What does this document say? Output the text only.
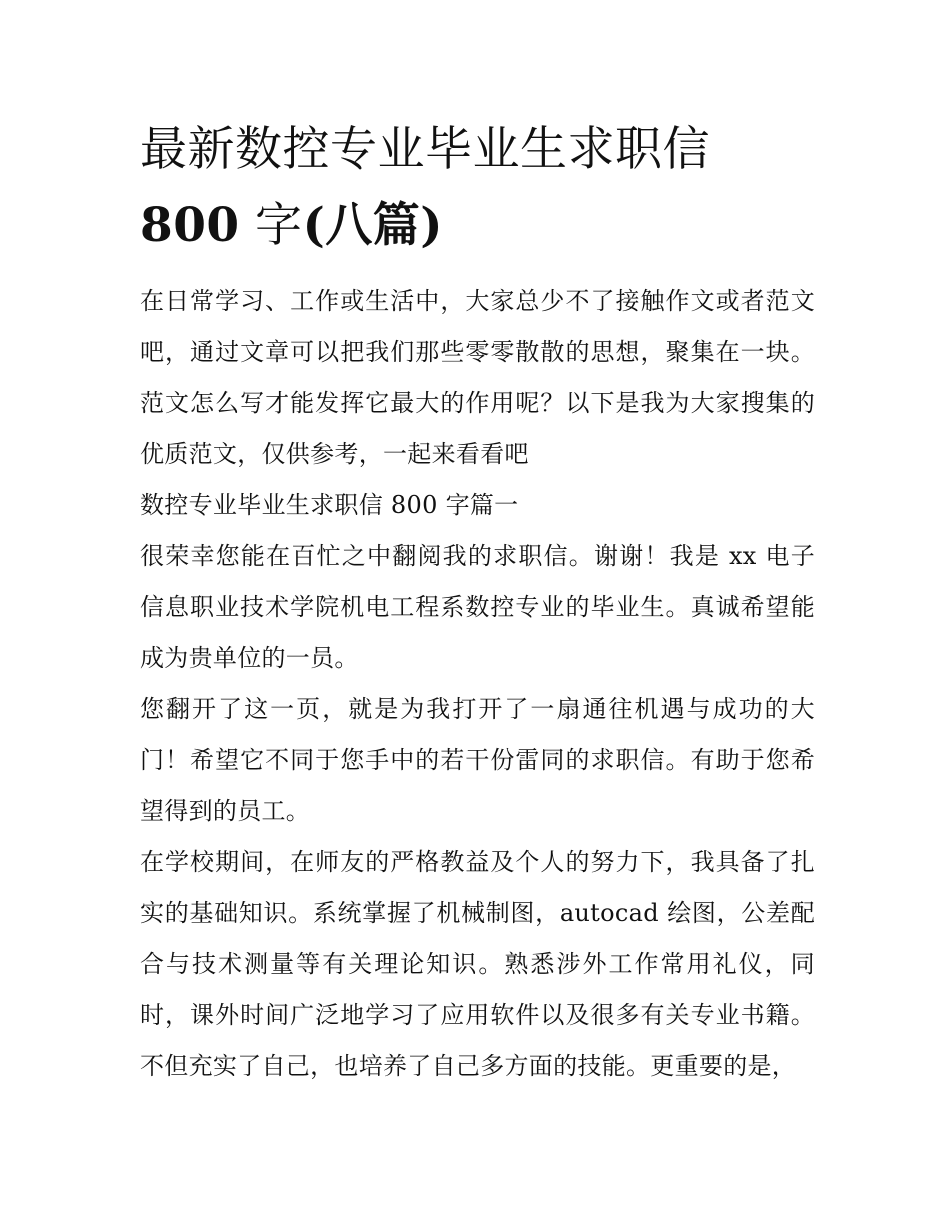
最新数控专业毕业生求职信
800 字(八篇)

在日常学习、工作或生活中，大家总少不了接触作文或者范文吧，通过文章可以把我们那些零零散散的思想，聚集在一块。范文怎么写才能发挥它最大的作用呢？以下是我为大家搜集的优质范文，仅供参考，一起来看看吧

数控专业毕业生求职信 800 字篇一

很荣幸您能在百忙之中翻阅我的求职信。谢谢！我是 xx 电子信息职业技术学院机电工程系数控专业的毕业生。真诚希望能成为贵单位的一员。

您翻开了这一页，就是为我打开了一扇通往机遇与成功的大门！希望它不同于您手中的若干份雷同的求职信。有助于您希望得到的员工。

在学校期间，在师友的严格教益及个人的努力下，我具备了扎实的基础知识。系统掌握了机械制图，autocad 绘图，公差配合与技术测量等有关理论知识。熟悉涉外工作常用礼仪，同时，课外时间广泛地学习了应用软件以及很多有关专业书籍。不但充实了自己，也培养了自己多方面的技能。更重要的是，
